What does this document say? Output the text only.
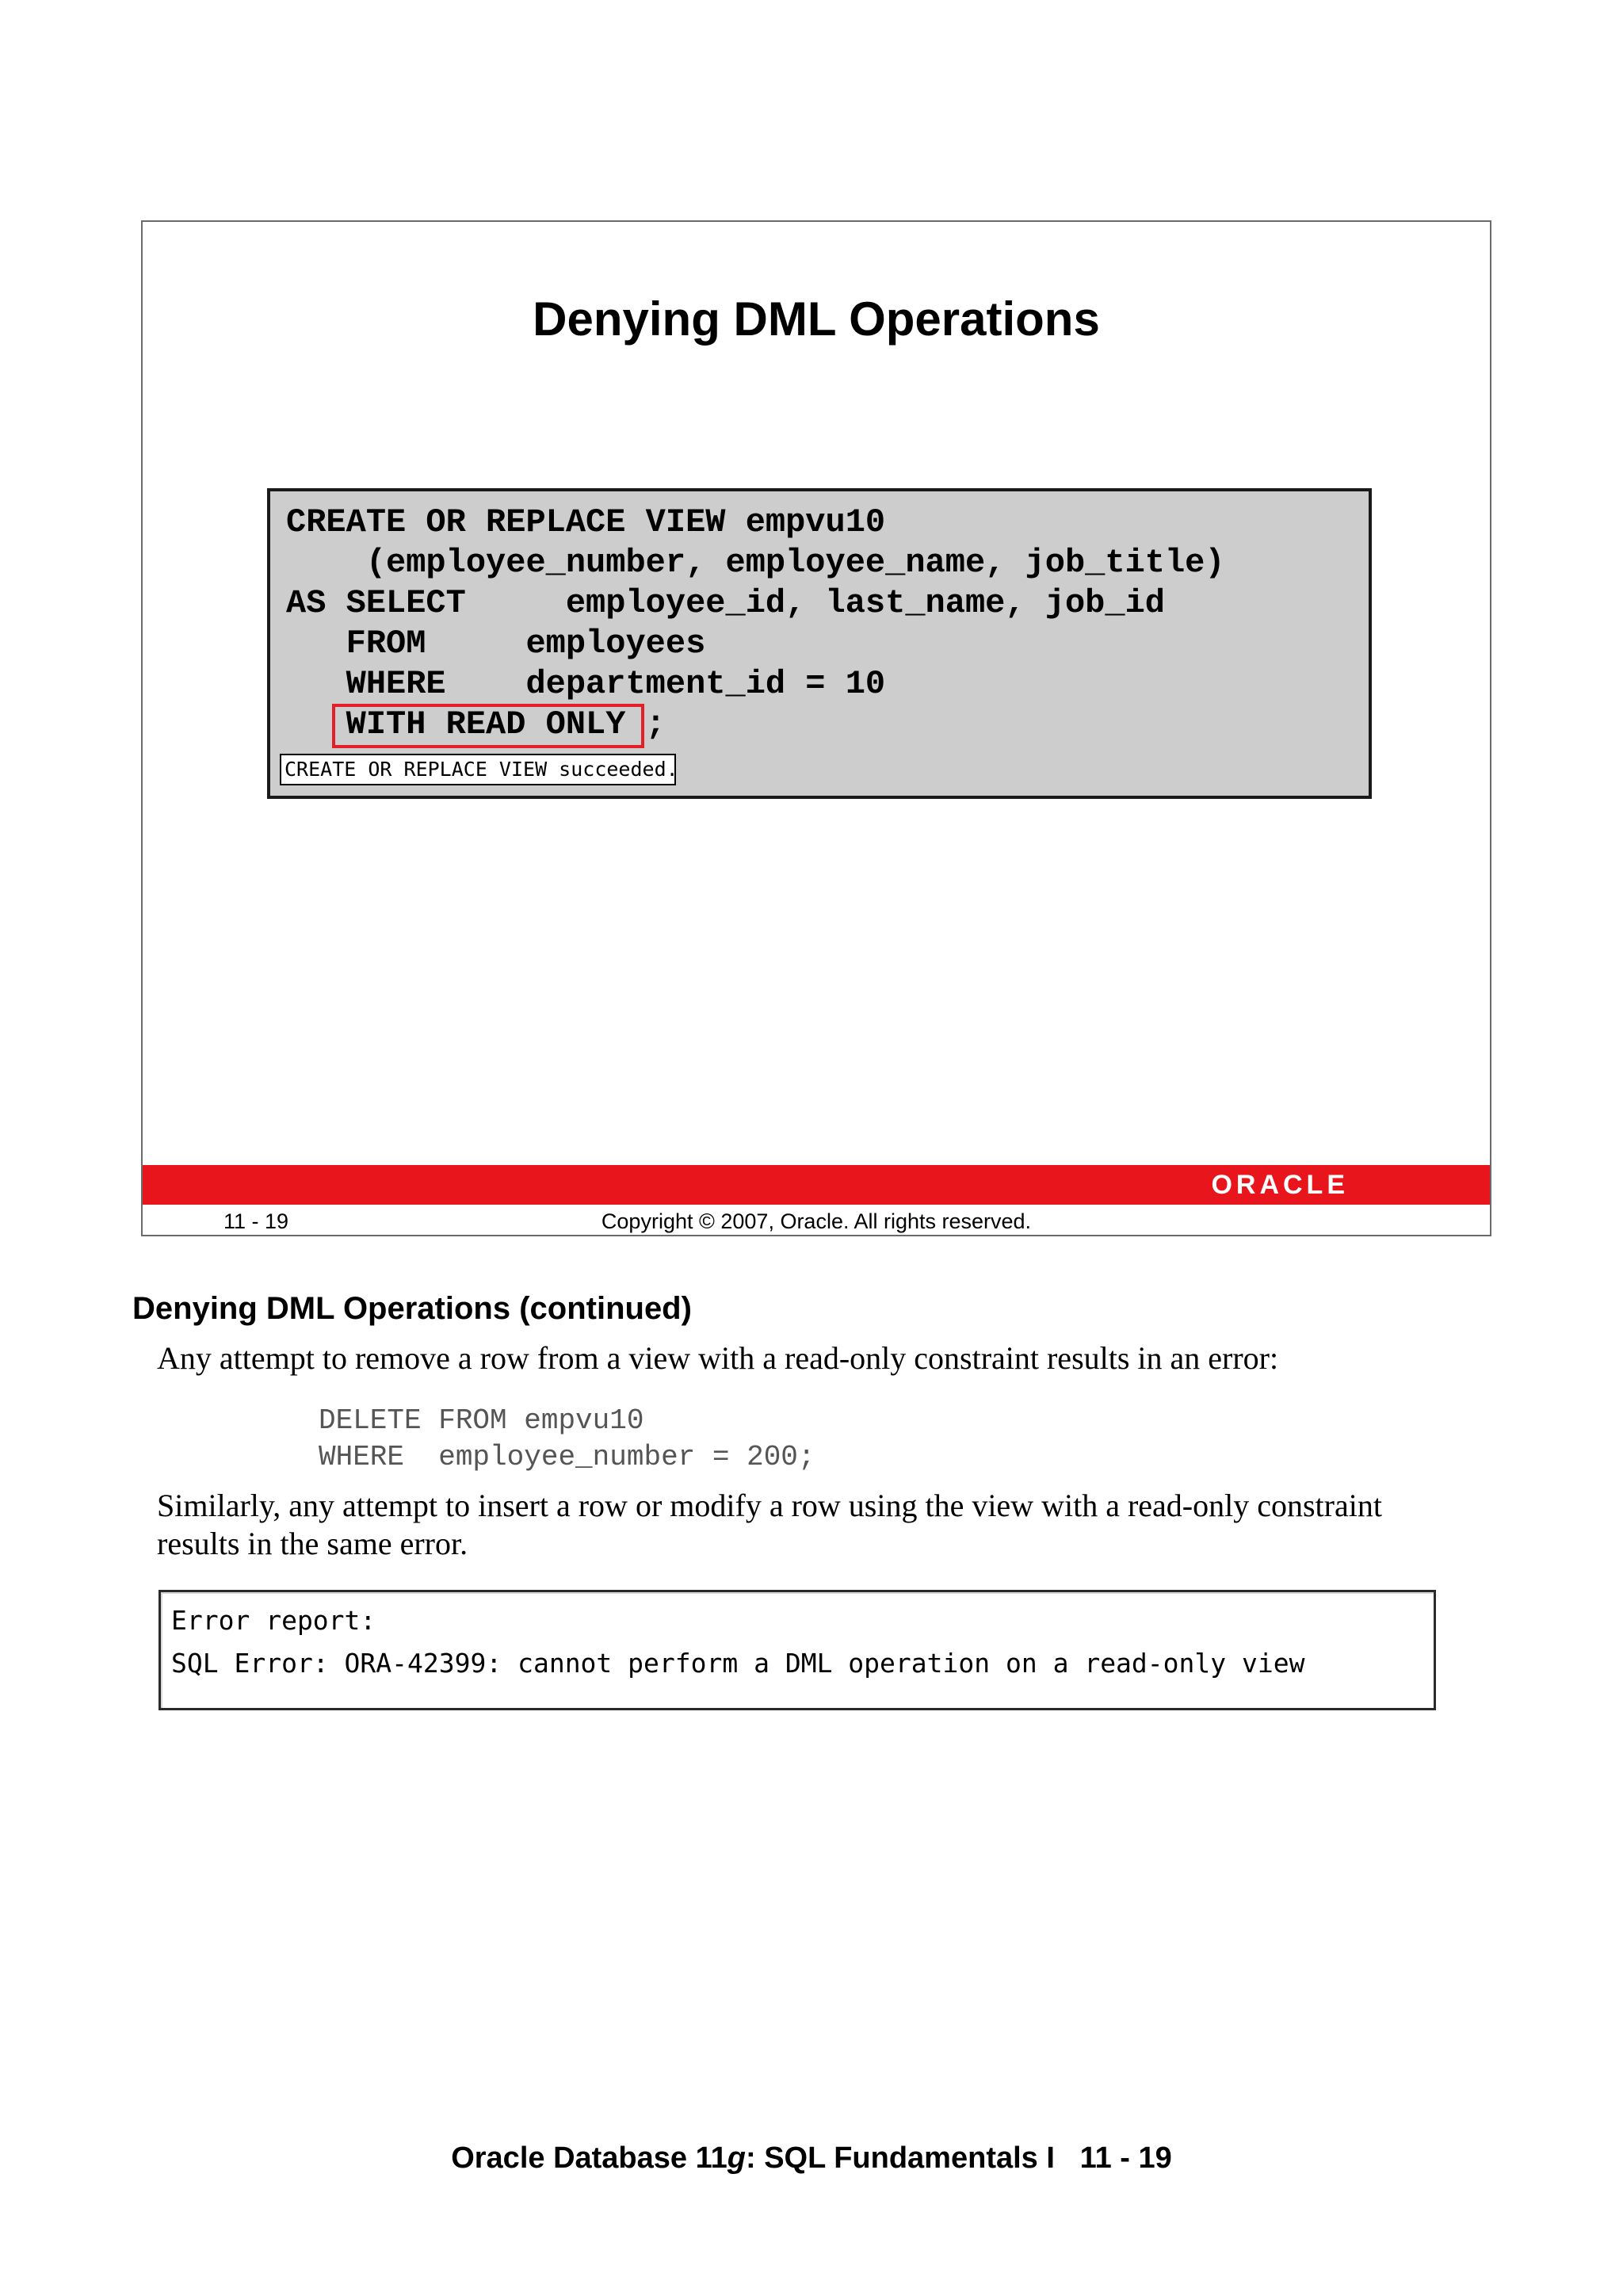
Denying DML Operations
CREATE OR REPLACE VIEW empvu10
(employee_number, employee_name, job_title)
AS SELECT     employee_id, last_name, job_id
FROM     employees
WHERE    department_id = 10
WITH READ ONLY ;
CREATE OR REPLACE VIEW succeeded.
ORACLE
11 - 19	Copyright © 2007, Oracle. All rights reserved.
Denying DML Operations (continued)
Any attempt to remove a row from a view with a read-only constraint results in an error:
DELETE FROM empvu10
WHERE  employee_number = 200;
Similarly, any attempt to insert a row or modify a row using the view with a read-only constraint results in the same error.
Error report:
SQL Error: ORA-42399: cannot perform a DML operation on a read-only view
Oracle Database 11g: SQL Fundamentals I   11 - 19
